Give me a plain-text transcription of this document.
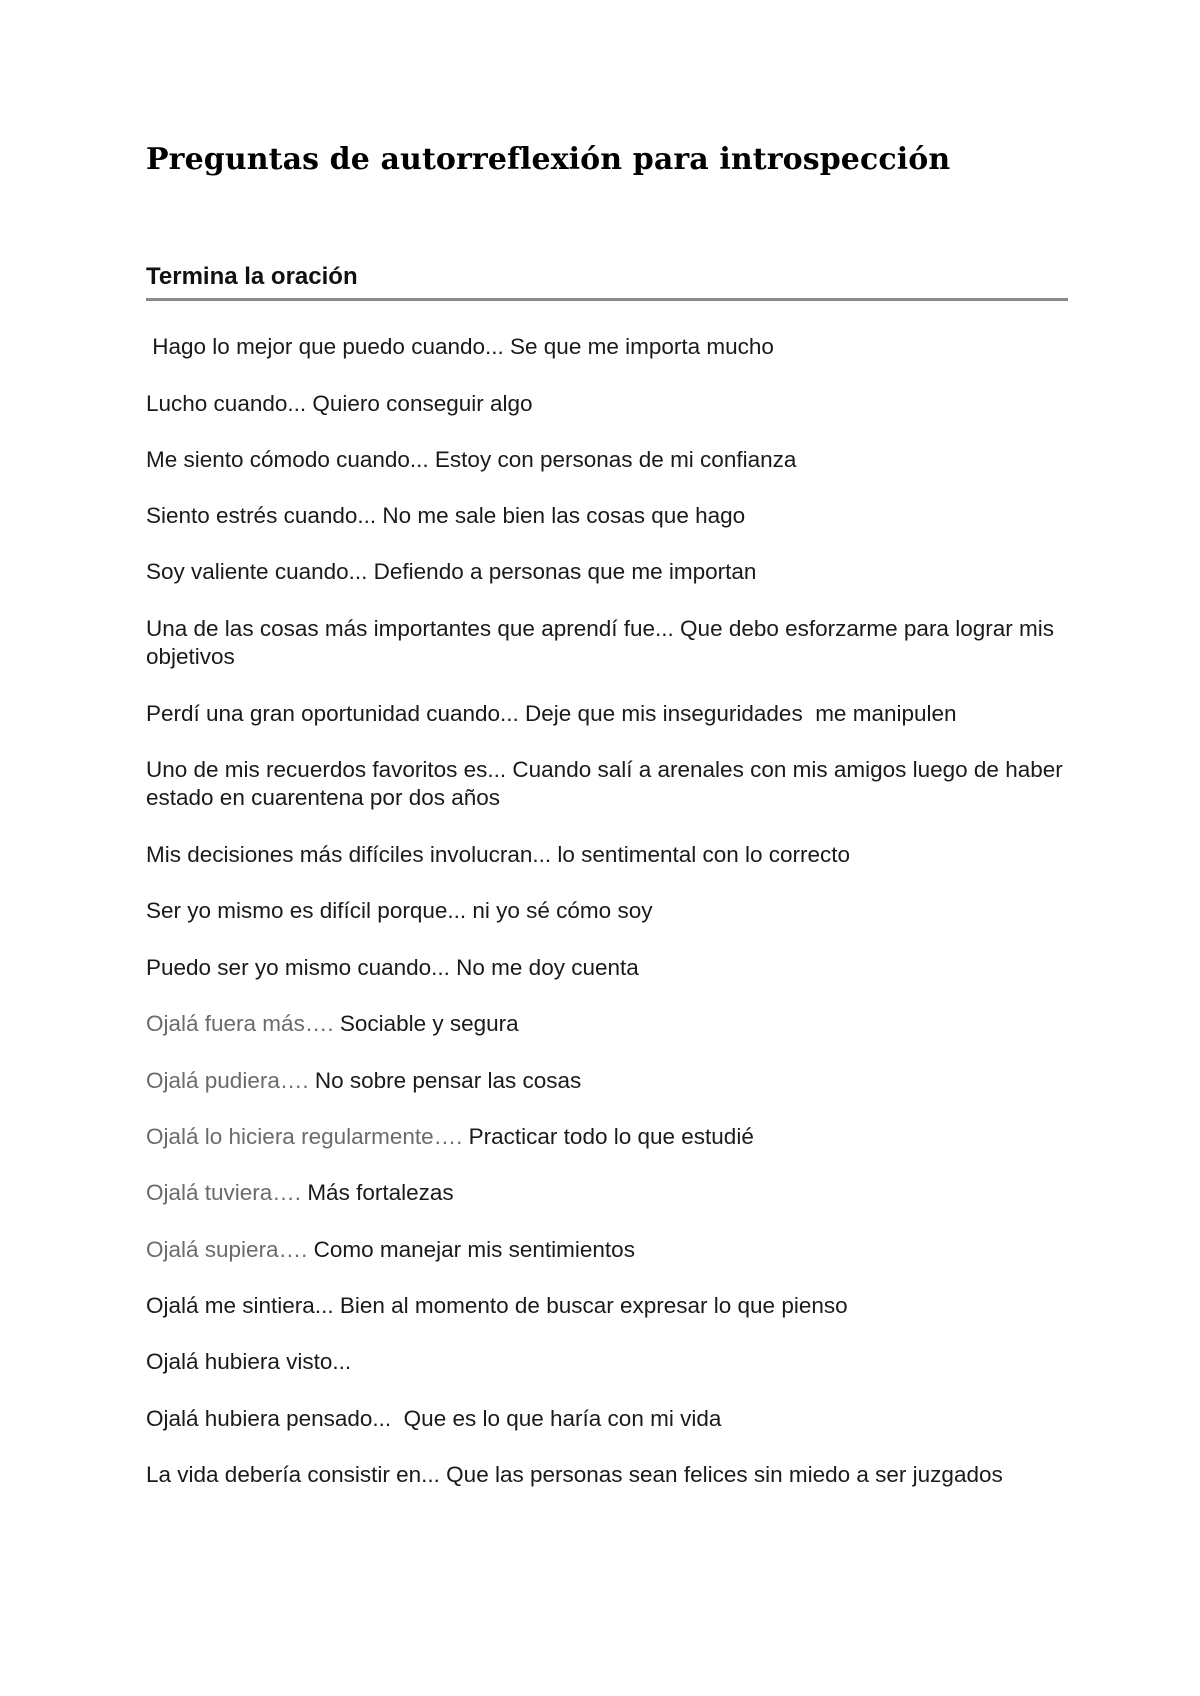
Preguntas de autorreflexión para introspección
Termina la oración

Hago lo mejor que puedo cuando... Se que me importa mucho

Lucho cuando... Quiero conseguir algo

Me siento cómodo cuando... Estoy con personas de mi confianza

Siento estrés cuando... No me sale bien las cosas que hago

Soy valiente cuando... Defiendo a personas que me importan

Una de las cosas más importantes que aprendí fue... Que debo esforzarme para lograr mis objetivos

Perdí una gran oportunidad cuando... Deje que mis inseguridades  me manipulen

Uno de mis recuerdos favoritos es... Cuando salí a arenales con mis amigos luego de haber estado en cuarentena por dos años

Mis decisiones más difíciles involucran... lo sentimental con lo correcto

Ser yo mismo es difícil porque... ni yo sé cómo soy

Puedo ser yo mismo cuando... No me doy cuenta

Ojalá fuera más…. Sociable y segura

Ojalá pudiera…. No sobre pensar las cosas

Ojalá lo hiciera regularmente…. Practicar todo lo que estudié

Ojalá tuviera…. Más fortalezas

Ojalá supiera…. Como manejar mis sentimientos

Ojalá me sintiera... Bien al momento de buscar expresar lo que pienso

Ojalá hubiera visto...

Ojalá hubiera pensado...  Que es lo que haría con mi vida

La vida debería consistir en... Que las personas sean felices sin miedo a ser juzgados
